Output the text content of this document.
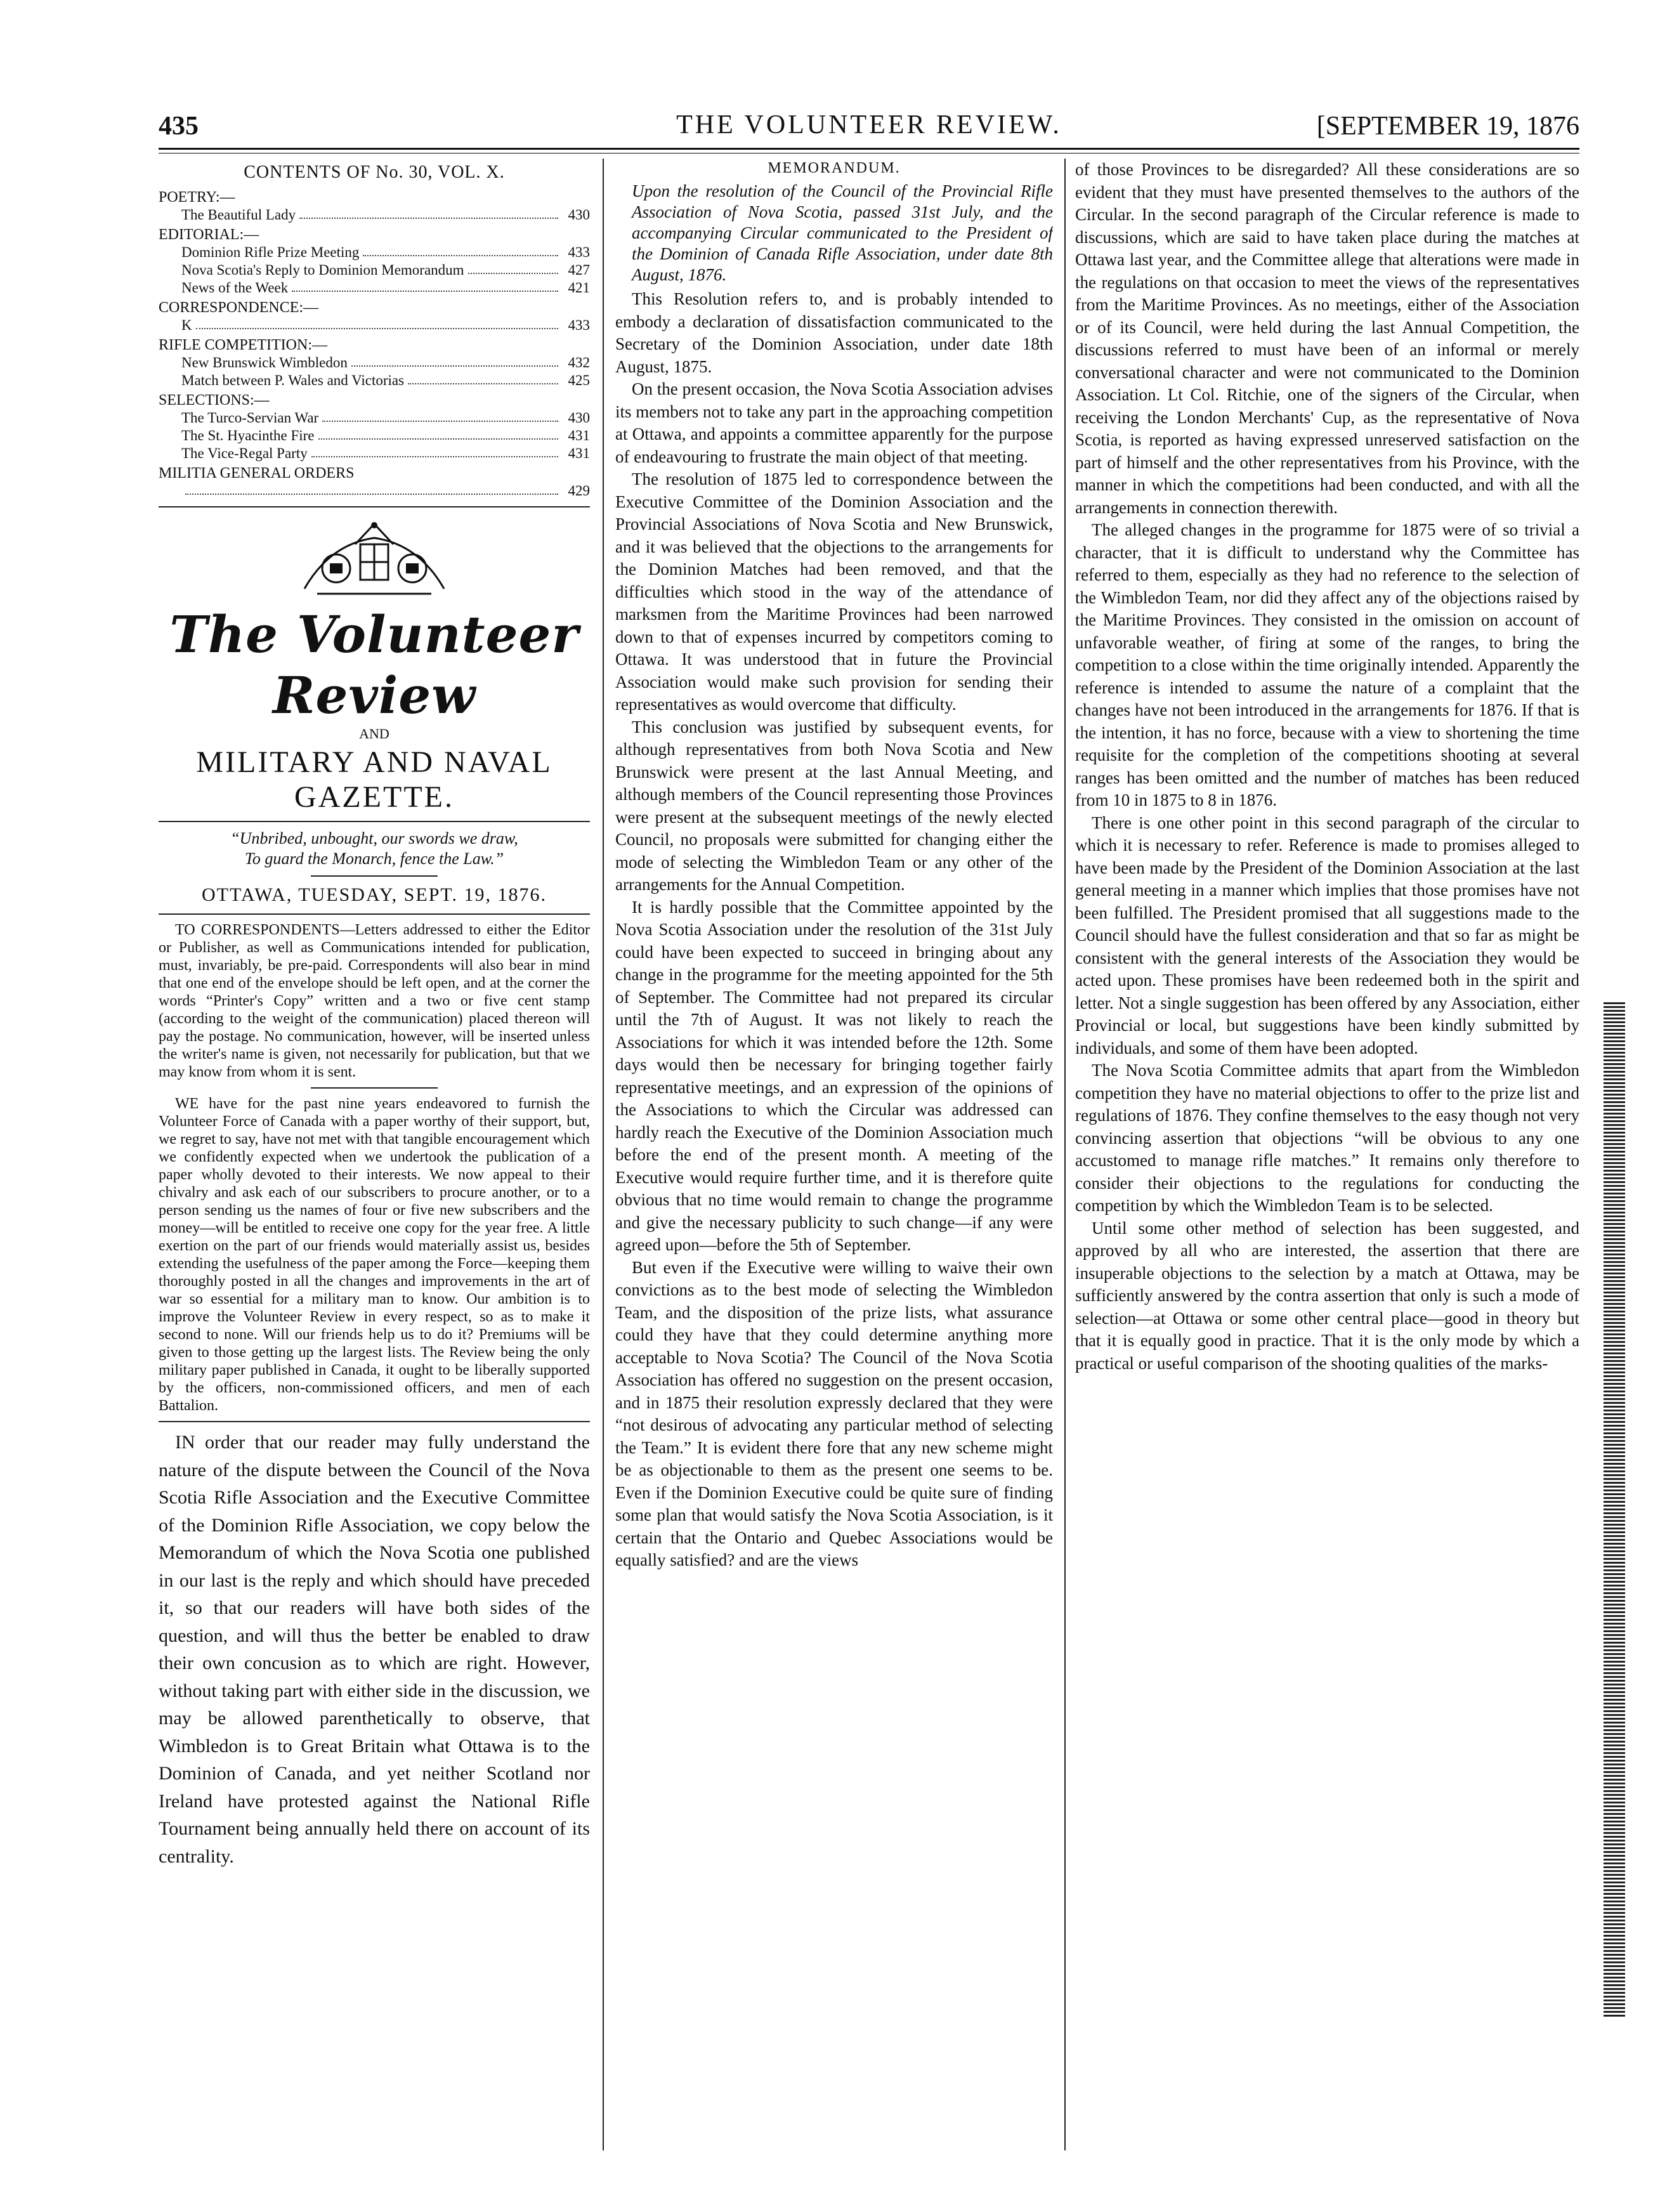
435	THE VOLUNTEER REVIEW.	[SEPTEMBER 19, 1876
CONTENTS OF No. 30, VOL. X.
POETRY:—
The Beautiful Lady	430
EDITORIAL:—
Dominion Rifle Prize Meeting	433
Nova Scotia's Reply to Dominion Memorandum	427
News of the Week	421
CORRESPONDENCE:—
K	433
RIFLE COMPETITION:—
New Brunswick Wimbledon	432
Match between P. Wales and Victorias	425
SELECTIONS:—
The Turco-Servian War	430
The St. Hyacinthe Fire	431
The Vice-Regal Party	431
MILITIA GENERAL ORDERS
429
The Volunteer Review
AND
MILITARY AND NAVAL GAZETTE.
“Unbribed, unbought, our swords we draw,
To guard the Monarch, fence the Law.”
OTTAWA, TUESDAY, SEPT. 19, 1876.

TO CORRESPONDENTS—Letters addressed to either the Editor or Publisher, as well as Communications intended for publication, must, invariably, be pre-paid. Correspondents will also bear in mind that one end of the envelope should be left open, and at the corner the words “Printer's Copy” written and a two or five cent stamp (according to the weight of the communication) placed thereon will pay the postage. No communication, however, will be inserted unless the writer's name is given, not necessarily for publication, but that we may know from whom it is sent.

WE have for the past nine years endeavored to furnish the Volunteer Force of Canada with a paper worthy of their support, but, we regret to say, have not met with that tangible encouragement which we confidently expected when we undertook the publication of a paper wholly devoted to their interests. We now appeal to their chivalry and ask each of our subscribers to procure another, or to a person sending us the names of four or five new subscribers and the money—will be entitled to receive one copy for the year free. A little exertion on the part of our friends would materially assist us, besides extending the usefulness of the paper among the Force—keeping them thoroughly posted in all the changes and improvements in the art of war so essential for a military man to know. Our ambition is to improve the Volunteer Review in every respect, so as to make it second to none. Will our friends help us to do it? Premiums will be given to those getting up the largest lists. The Review being the only military paper published in Canada, it ought to be liberally supported by the officers, non-commissioned officers, and men of each Battalion.

IN order that our reader may fully understand the nature of the dispute between the Council of the Nova Scotia Rifle Association and the Executive Committee of the Dominion Rifle Association, we copy below the Memorandum of which the Nova Scotia one published in our last is the reply and which should have preceded it, so that our readers will have both sides of the question, and will thus the better be enabled to draw their own concusion as to which are right. However, without taking part with either side in the discussion, we may be allowed parenthetically to observe, that Wimbledon is to Great Britain what Ottawa is to the Dominion of Canada, and yet neither Scotland nor Ireland have protested against the National Rifle Tournament being annually held there on account of its centrality.

MEMORANDUM.

Upon the resolution of the Council of the Provincial Rifle Association of Nova Scotia, passed 31st July, and the accompanying Circular communicated to the President of the Dominion of Canada Rifle Association, under date 8th August, 1876.

This Resolution refers to, and is probably intended to embody a declaration of dissatisfaction communicated to the Secretary of the Dominion Association, under date 18th August, 1875.

On the present occasion, the Nova Scotia Association advises its members not to take any part in the approaching competition at Ottawa, and appoints a committee apparently for the purpose of endeavouring to frustrate the main object of that meeting.

The resolution of 1875 led to correspondence between the Executive Committee of the Dominion Association and the Provincial Associations of Nova Scotia and New Brunswick, and it was believed that the objections to the arrangements for the Dominion Matches had been removed, and that the difficulties which stood in the way of the attendance of marksmen from the Maritime Provinces had been narrowed down to that of expenses incurred by competitors coming to Ottawa. It was understood that in future the Provincial Association would make such provision for sending their representatives as would overcome that difficulty.

This conclusion was justified by subsequent events, for although representatives from both Nova Scotia and New Brunswick were present at the last Annual Meeting, and although members of the Council representing those Provinces were present at the subsequent meetings of the newly elected Council, no proposals were submitted for changing either the mode of selecting the Wimbledon Team or any other of the arrangements for the Annual Competition.

It is hardly possible that the Committee appointed by the Nova Scotia Association under the resolution of the 31st July could have been expected to succeed in bringing about any change in the programme for the meeting appointed for the 5th of September. The Committee had not prepared its circular until the 7th of August. It was not likely to reach the Associations for which it was intended before the 12th. Some days would then be necessary for bringing together fairly representative meetings, and an expression of the opinions of the Associations to which the Circular was addressed can hardly reach the Executive of the Dominion Association much before the end of the present month. A meeting of the Executive would require further time, and it is therefore quite obvious that no time would remain to change the programme and give the necessary publicity to such change—if any were agreed upon—before the 5th of September.

But even if the Executive were willing to waive their own convictions as to the best mode of selecting the Wimbledon Team, and the disposition of the prize lists, what assurance could they have that they could determine anything more acceptable to Nova Scotia? The Council of the Nova Scotia Association has offered no suggestion on the present occasion, and in 1875 their resolution expressly declared that they were “not desirous of advocating any particular method of selecting the Team.” It is evident there fore that any new scheme might be as objectionable to them as the present one seems to be. Even if the Dominion Executive could be quite sure of finding some plan that would satisfy the Nova Scotia Association, is it certain that the Ontario and Quebec Associations would be equally satisfied? and are the views

of those Provinces to be disregarded? All these considerations are so evident that they must have presented themselves to the authors of the Circular. In the second paragraph of the Circular reference is made to discussions, which are said to have taken place during the matches at Ottawa last year, and the Committee allege that alterations were made in the regulations on that occasion to meet the views of the representatives from the Maritime Provinces. As no meetings, either of the Association or of its Council, were held during the last Annual Competition, the discussions referred to must have been of an informal or merely conversational character and were not communicated to the Dominion Association. Lt Col. Ritchie, one of the signers of the Circular, when receiving the London Merchants' Cup, as the representative of Nova Scotia, is reported as having expressed unreserved satisfaction on the part of himself and the other representatives from his Province, with the manner in which the competitions had been conducted, and with all the arrangements in connection therewith.

The alleged changes in the programme for 1875 were of so trivial a character, that it is difficult to understand why the Committee has referred to them, especially as they had no reference to the selection of the Wimbledon Team, nor did they affect any of the objections raised by the Maritime Provinces. They consisted in the omission on account of unfavorable weather, of firing at some of the ranges, to bring the competition to a close within the time originally intended. Apparently the reference is intended to assume the nature of a complaint that the changes have not been introduced in the arrangements for 1876. If that is the intention, it has no force, because with a view to shortening the time requisite for the completion of the competitions shooting at several ranges has been omitted and the number of matches has been reduced from 10 in 1875 to 8 in 1876.

There is one other point in this second paragraph of the circular to which it is necessary to refer. Reference is made to promises alleged to have been made by the President of the Dominion Association at the last general meeting in a manner which implies that those promises have not been fulfilled. The President promised that all suggestions made to the Council should have the fullest consideration and that so far as might be consistent with the general interests of the Association they would be acted upon. These promises have been redeemed both in the spirit and letter. Not a single suggestion has been offered by any Association, either Provincial or local, but suggestions have been kindly submitted by individuals, and some of them have been adopted.

The Nova Scotia Committee admits that apart from the Wimbledon competition they have no material objections to offer to the prize list and regulations of 1876. They confine themselves to the easy though not very convincing assertion that objections “will be obvious to any one accustomed to manage rifle matches.” It remains only therefore to consider their objections to the regulations for conducting the competition by which the Wimbledon Team is to be selected.

Until some other method of selection has been suggested, and approved by all who are interested, the assertion that there are insuperable objections to the selection by a match at Ottawa, may be sufficiently answered by the contra assertion that only is such a mode of selection—at Ottawa or some other central place—good in theory but that it is equally good in practice. That it is the only mode by which a practical or useful comparison of the shooting qualities of the marks-
